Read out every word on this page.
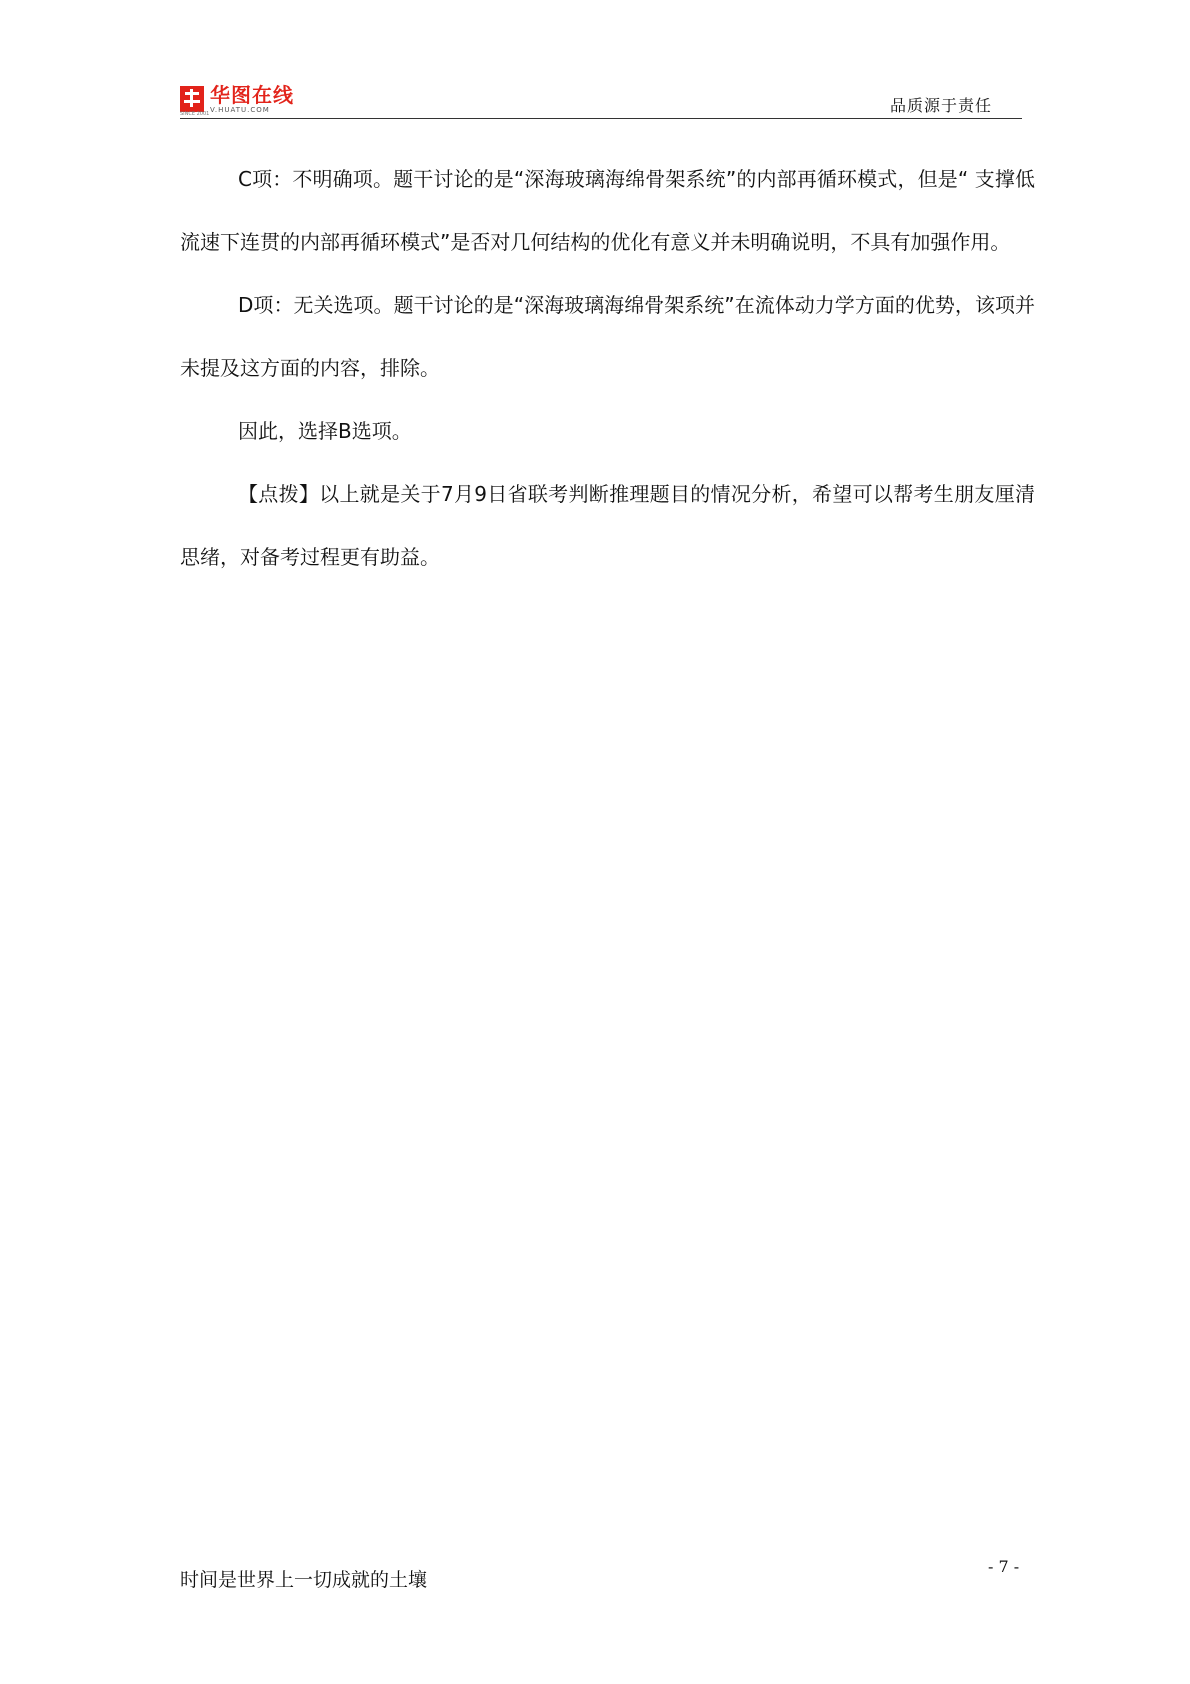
华图在线
V.HUATU.COM
SINCE 2001	品质源于责任

C项：不明确项。题干讨论的是“深海玻璃海绵骨架系统”的内部再循环模式，但是“ 支撑低流速下连贯的内部再循环模式”是否对几何结构的优化有意义并未明确说明，不具有加强作用。

D项：无关选项。题干讨论的是“深海玻璃海绵骨架系统”在流体动力学方面的优势，该项并未提及这方面的内容，排除。

因此，选择B选项。

【点拨】以上就是关于7月9日省联考判断推理题目的情况分析，希望可以帮考生朋友厘清思绪，对备考过程更有助益。

时间是世界上一切成就的土壤
- 7 -
